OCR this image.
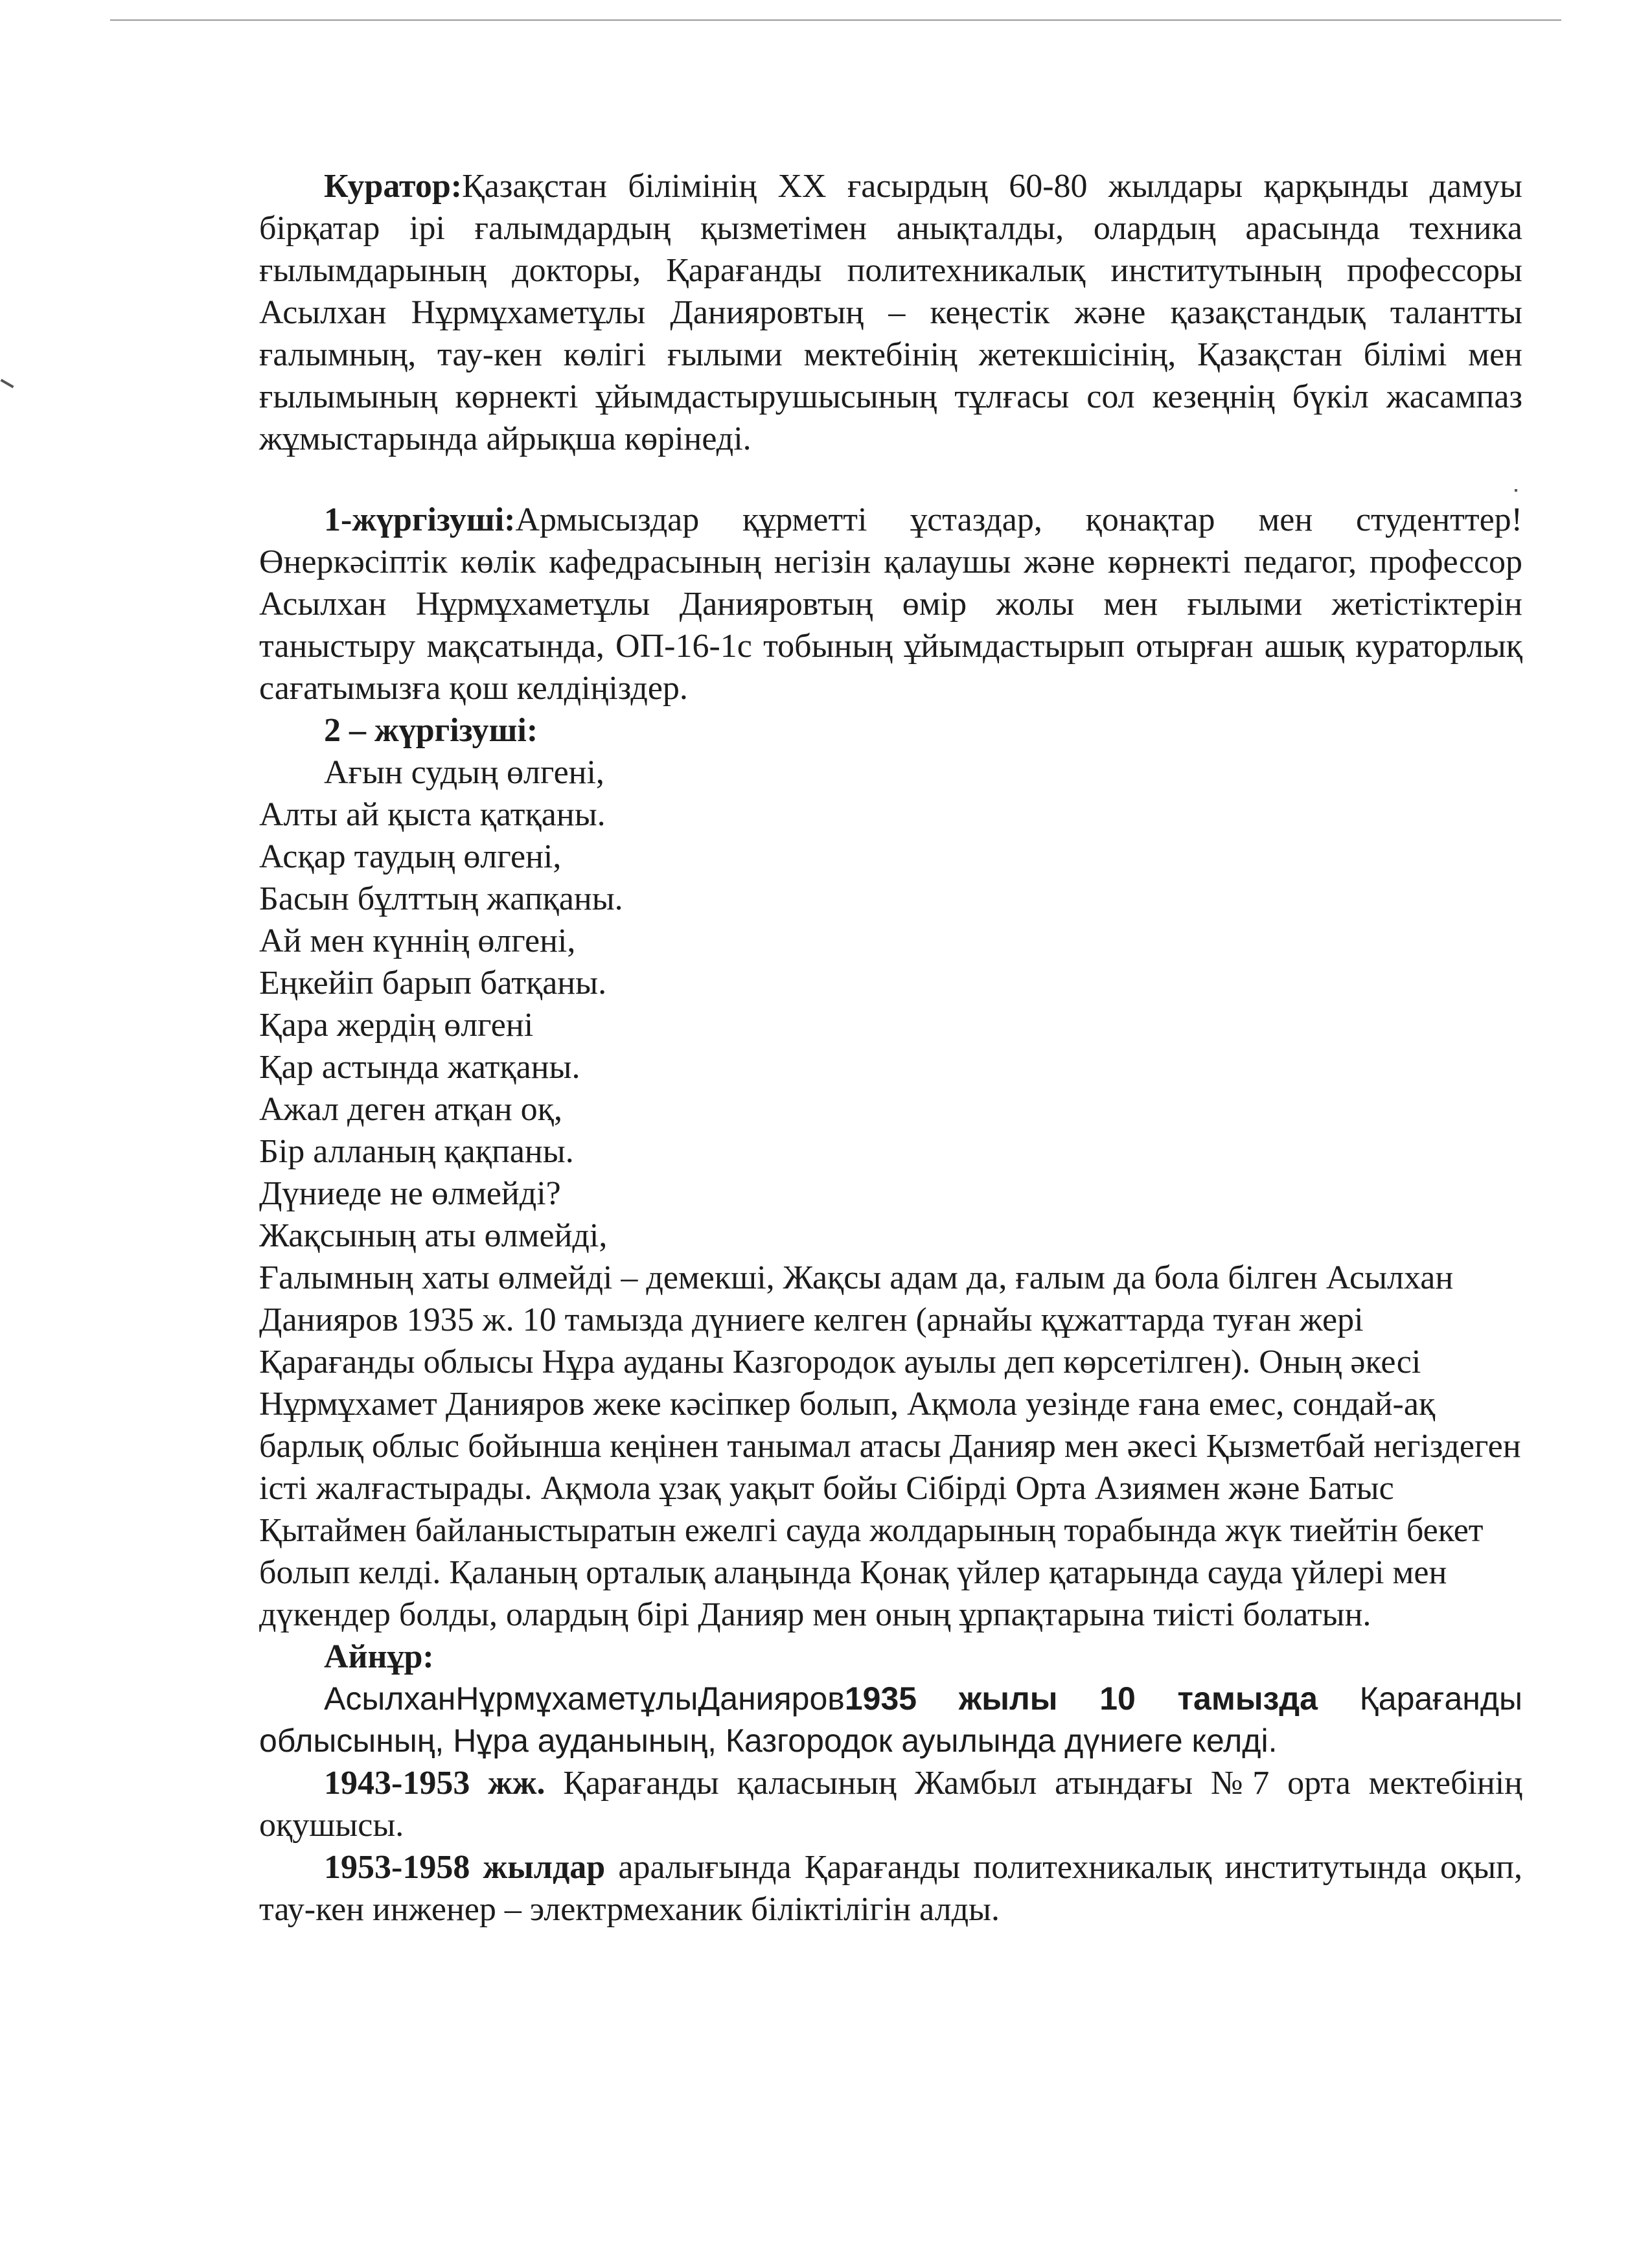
Куратор:Қазақстан білімінің XX ғасырдың 60-80 жылдары қарқынды дамуы бірқатар ірі ғалымдардың қызметімен анықталды, олардың арасында техника ғылымдарының докторы, Қарағанды политехникалық институтының профессоры Асылхан Нұрмұхаметұлы Данияровтың – кеңестік және қазақстандық талантты ғалымның, тау-кен көлігі ғылыми мектебінің жетекшісінің, Қазақстан білімі мен ғылымының көрнекті ұйымдастырушысының тұлғасы сол кезеңнің бүкіл жасампаз жұмыстарында айрықша көрінеді.

1-жүргізуші:Армысыздар құрметті ұстаздар, қонақтар мен студенттер! Өнеркәсіптік көлік кафедрасының негізін қалаушы және көрнекті педагог, профессор Асылхан Нұрмұхаметұлы Данияровтың өмір жолы мен ғылыми жетістіктерін таныстыру мақсатында, ОП-16-1с тобының ұйымдастырып отырған ашық кураторлық сағатымызға қош келдіңіздер.

2 – жүргізуші:

Ағын судың өлгені,
Алты ай қыста қатқаны.
Асқар таудың өлгені,
Басын бұлттың жапқаны.
Ай мен күннің өлгені,
Еңкейіп барып батқаны.
Қара жердің өлгені
Қар астында жатқаны.
Ажал деген атқан оқ,
Бір алланың қақпаны.
Дүниеде не өлмейді?
Жақсының аты өлмейді,

Ғалымның хаты өлмейді – демекші, Жақсы адам да, ғалым да бола білген Асылхан Данияров 1935 ж. 10 тамызда дүниеге келген (арнайы құжаттарда туған жері Қарағанды облысы Нұра ауданы Казгородок ауылы деп көрсетілген). Оның әкесі Нұрмұхамет Данияров жеке кәсіпкер болып, Ақмола уезінде ғана емес, сондай-ақ барлық облыс бойынша кеңінен танымал атасы Данияр мен әкесі Қызметбай негіздеген істі жалғастырады. Ақмола ұзақ уақыт бойы Сібірді Орта Азиямен және Батыс Қытаймен байланыстыратын ежелгі сауда жолдарының торабында жүк тиейтін бекет болып келді. Қаланың орталық алаңында Қонақ үйлер қатарында сауда үйлері мен дүкендер болды, олардың бірі Данияр мен оның ұрпақтарына тиісті болатын.

Айнұр:

АсылханНұрмұхаметұлыДанияров1935 жылы 10 тамызда Қарағанды облысының, Нұра ауданының, Казгородок ауылында дүниеге келді.

1943-1953 жж. Қарағанды қаласының Жамбыл атындағы №7 орта мектебінің оқушысы.

1953-1958 жылдар аралығында Қарағанды политехникалық институтында оқып, тау-кен инженер – электрмеханик біліктілігін алды.
